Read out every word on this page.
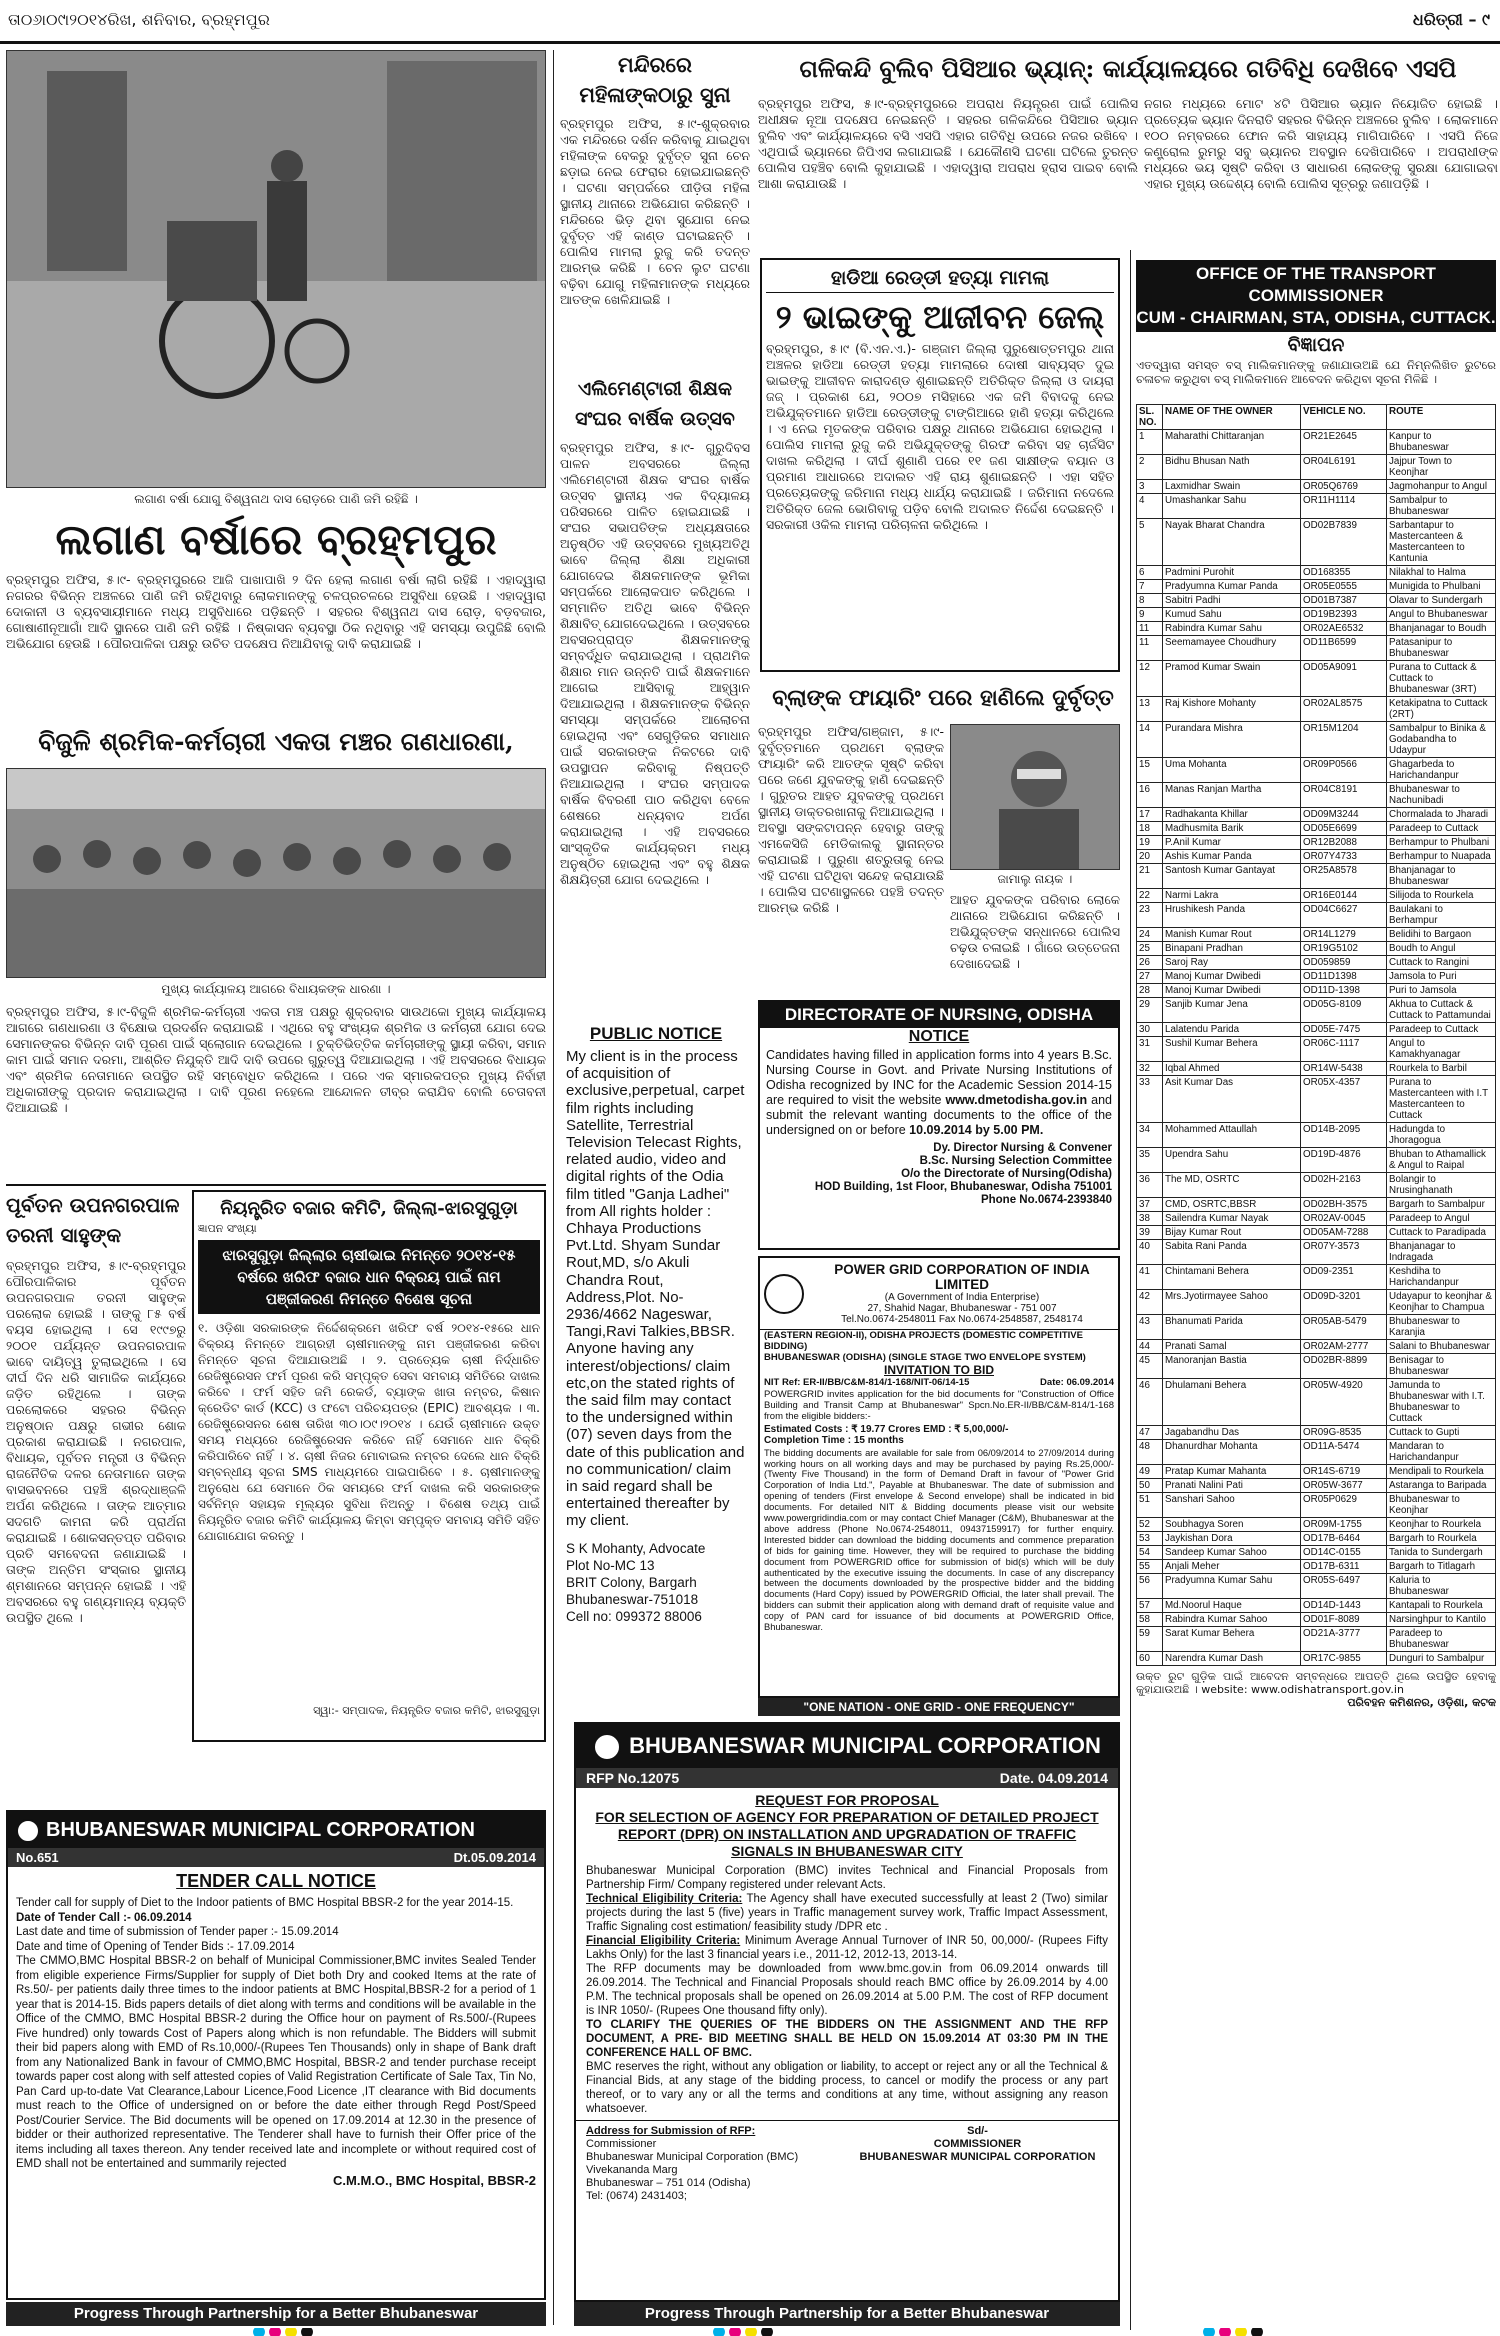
ତା୦୬ା୦୯ା୨୦୧୪ରିଖ, ଶନିବାର, ବ୍ରହ୍ମପୁର	ଧରିତ୍ରୀ – ୯
ଲଗାଣ ବର୍ଷା ଯୋଗୁ ବିଶ୍ୱନାଥ ଦାସ ରୋଡ଼ରେ ପାଣି ଜମି ରହିଛି ।
ଲଗାଣ ବର୍ଷାରେ ବ୍ରହ୍ମପୁର
ବ୍ରହ୍ମପୁର ଅଫିସ, ୫।୯- ବ୍ରହ୍ମପୁରରେ ଆଜି ପାଖାପାଖି ୨ ଦିନ ହେଲା ଲଗାଣ ବର୍ଷା ଲାଗି ରହିଛି । ଏହାଦ୍ୱାରା ନଗରର ବିଭିନ୍ନ ଅଞ୍ଚଳରେ ପାଣି ଜମି ରହିଥିବାରୁ ଲୋକମାନଙ୍କୁ ଚଳପ୍ରଚଳରେ ଅସୁବିଧା ହେଉଛି । ଏହାଦ୍ୱାରା ଦୋକାନୀ ଓ ବ୍ୟବସାୟୀମାନେ ମଧ୍ୟ ଅସୁବିଧାରେ ପଡ଼ିଛନ୍ତି । ସହରର ବିଶ୍ୱନାଥ ଦାସ ରୋଡ଼, ବଡ଼ବଜାର, ଗୋଷାଣୀନୂଆଗାଁ ଆଦି ସ୍ଥାନରେ ପାଣି ଜମି ରହିଛି । ନିଷ୍କାସନ ବ୍ୟବସ୍ଥା ଠିକ ନଥିବାରୁ ଏହି ସମସ୍ୟା ଉପୁଜିଛି ବୋଲି ଅଭିଯୋଗ ହେଉଛି । ପୌରପାଳିକା ପକ୍ଷରୁ ଉଚିତ ପଦକ୍ଷେପ ନିଆଯିବାକୁ ଦାବି କରାଯାଇଛି ।
ବିଜୁଳି ଶ୍ରମିକ-କର୍ମଚାରୀ ଏକତା ମଞ୍ଚର ଗଣଧାରଣା,
ମୁଖ୍ୟ କାର୍ଯ୍ୟାଳୟ ଆଗରେ ବିଧାୟକଙ୍କ ଧାରଣା ।
ବ୍ରହ୍ମପୁର ଅଫିସ, ୫।୯-ବିଜୁଳି ଶ୍ରମିକ-କର୍ମଚାରୀ ଏକତା ମଞ୍ଚ ପକ୍ଷରୁ ଶୁକ୍ରବାର ସାଉଥକୋ ମୁଖ୍ୟ କାର୍ଯ୍ୟାଳୟ ଆଗରେ ଗଣଧାରଣା ଓ ବିକ୍ଷୋଭ ପ୍ରଦର୍ଶନ କରାଯାଇଛି । ଏଥିରେ ବହୁ ସଂଖ୍ୟକ ଶ୍ରମିକ ଓ କର୍ମଚାରୀ ଯୋଗ ଦେଇ ସେମାନଙ୍କର ବିଭିନ୍ନ ଦାବି ପୂରଣ ପାଇଁ ସ୍ଲୋଗାନ ଦେଇଥିଲେ । ଚୁକ୍ତିଭିତ୍ତିକ କର୍ମଚାରୀଙ୍କୁ ସ୍ଥାୟୀ କରିବା, ସମାନ କାମ ପାଇଁ ସମାନ ଦରମା, ଆଶ୍ରିତ ନିଯୁକ୍ତି ଆଦି ଦାବି ଉପରେ ଗୁରୁତ୍ୱ ଦିଆଯାଇଥିଲା । ଏହି ଅବସରରେ ବିଧାୟକ ଏବଂ ଶ୍ରମିକ ନେତାମାନେ ଉପସ୍ଥିତ ରହି ସମ୍ବୋଧିତ କରିଥିଲେ । ପରେ ଏକ ସ୍ମାରକପତ୍ର ମୁଖ୍ୟ ନିର୍ବାହୀ ଅଧିକାରୀଙ୍କୁ ପ୍ରଦାନ କରାଯାଇଥିଲା । ଦାବି ପୂରଣ ନହେଲେ ଆନ୍ଦୋଳନ ତୀବ୍ର କରାଯିବ ବୋଲି ଚେତାବନୀ ଦିଆଯାଇଛି ।
ପୂର୍ବତନ ଉପନଗରପାଳ ତରନୀ ସାହୁଙ୍କ
ବ୍ରହ୍ମପୁର ଅଫିସ, ୫।୯-ବ୍ରହ୍ମପୁର ପୌରପାଳିକାର ପୂର୍ବତନ ଉପନଗରପାଳ ତରନୀ ସାହୁଙ୍କ ପରଲୋକ ହୋଇଛି । ତାଙ୍କୁ ୮୫ ବର୍ଷ ବୟସ ହୋଇଥିଲା । ସେ ୧୯୯୭ରୁ ୨୦୦୧ ପର୍ଯ୍ୟନ୍ତ ଉପନଗରପାଳ ଭାବେ ଦାୟିତ୍ୱ ତୁଲାଇଥିଲେ । ସେ ଦୀର୍ଘ ଦିନ ଧରି ସାମାଜିକ କାର୍ଯ୍ୟରେ ଜଡ଼ିତ ରହିଥିଲେ । ତାଙ୍କ ପରଲୋକରେ ସହରର ବିଭିନ୍ନ ଅନୁଷ୍ଠାନ ପକ୍ଷରୁ ଗଭୀର ଶୋକ ପ୍ରକାଶ କରାଯାଇଛି । ନଗରପାଳ, ବିଧାୟକ, ପୂର୍ବତନ ମନ୍ତ୍ରୀ ଓ ବିଭିନ୍ନ ରାଜନୈତିକ ଦଳର ନେତାମାନେ ତାଙ୍କ ବାସଭବନରେ ପହଞ୍ଚି ଶ୍ରଦ୍ଧାଞ୍ଜଳି ଅର୍ପଣ କରିଥିଲେ । ତାଙ୍କ ଆତ୍ମାର ସଦଗତି କାମନା କରି ପ୍ରାର୍ଥନା କରାଯାଇଛି । ଶୋକସନ୍ତପ୍ତ ପରିବାର ପ୍ରତି ସମବେଦନା ଜଣାଯାଇଛି । ତାଙ୍କ ଅନ୍ତିମ ସଂସ୍କାର ସ୍ଥାନୀୟ ଶ୍ମଶାନରେ ସମ୍ପନ୍ନ ହୋଇଛି । ଏହି ଅବସରରେ ବହୁ ଗଣ୍ୟମାନ୍ୟ ବ୍ୟକ୍ତି ଉପସ୍ଥିତ ଥିଲେ ।
ନିୟନ୍ତ୍ରିତ ବଜାର କମିଟି, ଜିଲ୍ଲା-ଝାରସୁଗୁଡ଼ା
ଜ୍ଞାପନ ସଂଖ୍ୟା
ଝାରସୁଗୁଡ଼ା ଜିଲ୍ଲାର ଚାଷୀଭାଇ ନିମନ୍ତେ ୨୦୧୪-୧୫ ବର୍ଷରେ ଖରିଫ ବଜାର ଧାନ ବିକ୍ରୟ ପାଇଁ ନାମ ପଞ୍ଜୀକରଣ ନିମନ୍ତେ ବିଶେଷ ସୂଚନା
୧. ଓଡ଼ିଶା ସରକାରଙ୍କ ନିର୍ଦ୍ଦେଶକ୍ରମେ ଖରିଫ ବର୍ଷ ୨୦୧୪-୧୫ରେ ଧାନ ବିକ୍ରୟ ନିମନ୍ତେ ଆଗ୍ରହୀ ଚାଷୀମାନଙ୍କୁ ନାମ ପଞ୍ଜୀକରଣ କରିବା ନିମନ୍ତେ ସୂଚନା ଦିଆଯାଉଅଛି । ୨. ପ୍ରତ୍ୟେକ ଚାଷୀ ନିର୍ଦ୍ଧାରିତ ରେଜିଷ୍ଟ୍ରେସନ ଫର୍ମ ପୂରଣ କରି ସମ୍ପୃକ୍ତ ସେବା ସମବାୟ ସମିତିରେ ଦାଖଲ କରିବେ । ଫର୍ମ ସହିତ ଜମି ରେକର୍ଡ, ବ୍ୟାଙ୍କ ଖାତା ନମ୍ବର, କିଷାନ କ୍ରେଡିଟ କାର୍ଡ (KCC) ଓ ଫଟୋ ପରିଚୟପତ୍ର (EPIC) ଆବଶ୍ୟକ । ୩. ରେଜିଷ୍ଟ୍ରେସନର ଶେଷ ତାରିଖ ୩୦।୦୯।୨୦୧୪ । ଯେଉଁ ଚାଷୀମାନେ ଉକ୍ତ ସମୟ ମଧ୍ୟରେ ରେଜିଷ୍ଟ୍ରେସନ କରିବେ ନାହିଁ ସେମାନେ ଧାନ ବିକ୍ରି କରିପାରିବେ ନାହିଁ । ୪. ଚାଷୀ ନିଜର ମୋବାଇଲ ନମ୍ବର ଦେଲେ ଧାନ ବିକ୍ରି ସମ୍ବନ୍ଧୀୟ ସୂଚନା SMS ମାଧ୍ୟମରେ ପାଇପାରିବେ । ୫. ଚାଷୀମାନଙ୍କୁ ଅନୁରୋଧ ଯେ ସେମାନେ ଠିକ ସମୟରେ ଫର୍ମ ଦାଖଲ କରି ସରକାରଙ୍କ ସର୍ବନିମ୍ନ ସହାୟକ ମୂଲ୍ୟର ସୁବିଧା ନିଅନ୍ତୁ । ବିଶେଷ ତଥ୍ୟ ପାଇଁ ନିୟନ୍ତ୍ରିତ ବଜାର କମିଟି କାର୍ଯ୍ୟାଳୟ କିମ୍ବା ସମ୍ପୃକ୍ତ ସମବାୟ ସମିତି ସହିତ ଯୋଗାଯୋଗ କରନ୍ତୁ ।
ସ୍ୱା:- ସମ୍ପାଦକ, ନିୟନ୍ତ୍ରିତ ବଜାର କମିଟି, ଝାରସୁଗୁଡ଼ା
BHUBANESWAR MUNICIPAL CORPORATION
No.651	Dt.05.09.2014
TENDER CALL NOTICE
Tender call for supply of Diet to the Indoor patients of BMC Hospital BBSR-2 for the year 2014-15.
Date of Tender Call :- 06.09.2014
Last date and time of submission of Tender paper :- 15.09.2014
Date and time of Opening of Tender Bids :- 17.09.2014
The CMMO,BMC Hospital BBSR-2 on behalf of Municipal Commissioner,BMC invites Sealed Tender from eligible experience Firms/Supplier for supply of Diet both Dry and cooked Items at the rate of Rs.50/- per patients daily three times to the indoor patients at BMC Hospital,BBSR-2 for a period of 1 year that is 2014-15. Bids papers details of diet along with terms and conditions will be available in the Office of the CMMO, BMC Hospital BBSR-2 during the Office hour on payment of Rs.500/-(Rupees Five hundred) only towards Cost of Papers along which is non refundable. The Bidders will submit their bid papers along with EMD of Rs.10,000/-(Rupees Ten Thousands) only in shape of Bank draft from any Nationalized Bank in favour of CMMO,BMC Hospital, BBSR-2 and tender purchase receipt towards paper cost along with self attested copies of Valid Registration Certificate of Sale Tax, Tin No, Pan Card up-to-date Vat Clearance,Labour Licence,Food Licence ,IT clearance with Bid documents must reach to the Office of undersigned on or before the date either through Regd Post/Speed Post/Courier Service. The Bid documents will be opened on 17.09.2014 at 12.30 in the presence of bidder or their authorized representative. The Tenderer shall have to furnish their Offer price of the items including all taxes thereon. Any tender received late and incomplete or without required cost of EMD shall not be entertained and summarily rejected
C.M.M.O., BMC Hospital, BBSR-2
Progress Through Partnership for a Better Bhubaneswar
ମନ୍ଦିରରେ ମହିଳାଙ୍କଠାରୁ ସୁନା
ବ୍ରହ୍ମପୁର ଅଫିସ, ୫।୯-ଶୁକ୍ରବାର ଏକ ମନ୍ଦିରରେ ଦର୍ଶନ କରିବାକୁ ଯାଇଥିବା ମହିଳାଙ୍କ ବେକରୁ ଦୁର୍ବୃତ୍ତ ସୁନା ଚେନ ଛଡ଼ାଇ ନେଇ ଫେରାର ହୋଇଯାଇଛନ୍ତି । ଘଟଣା ସମ୍ପର୍କରେ ପୀଡ଼ିତା ମହିଳା ସ୍ଥାନୀୟ ଥାନାରେ ଅଭିଯୋଗ କରିଛନ୍ତି । ମନ୍ଦିରରେ ଭିଡ଼ ଥିବା ସୁଯୋଗ ନେଇ ଦୁର୍ବୃତ୍ତ ଏହି କାଣ୍ଡ ଘଟାଇଛନ୍ତି । ପୋଲିସ ମାମଲା ରୁଜୁ କରି ତଦନ୍ତ ଆରମ୍ଭ କରିଛି । ଚେନ ଲୁଟ ଘଟଣା ବଢ଼ିବା ଯୋଗୁ ମହିଳାମାନଙ୍କ ମଧ୍ୟରେ ଆତଙ୍କ ଖେଳିଯାଇଛି ।
ଏଲିମେଣ୍ଟାରୀ ଶିକ୍ଷକ ସଂଘର ବାର୍ଷିକ ଉତ୍ସବ
ବ୍ରହ୍ମପୁର ଅଫିସ, ୫।୯- ଗୁରୁଦିବସ ପାଳନ ଅବସରରେ ଜିଲ୍ଲା ଏଲିମେଣ୍ଟାରୀ ଶିକ୍ଷକ ସଂଘର ବାର୍ଷିକ ଉତ୍ସବ ସ୍ଥାନୀୟ ଏକ ବିଦ୍ୟାଳୟ ପରିସରରେ ପାଳିତ ହୋଇଯାଇଛି । ସଂଘର ସଭାପତିଙ୍କ ଅଧ୍ୟକ୍ଷତାରେ ଅନୁଷ୍ଠିତ ଏହି ଉତ୍ସବରେ ମୁଖ୍ୟଅତିଥି ଭାବେ ଜିଲ୍ଲା ଶିକ୍ଷା ଅଧିକାରୀ ଯୋଗଦେଇ ଶିକ୍ଷକମାନଙ୍କ ଭୂମିକା ସମ୍ପର୍କରେ ଆଲୋକପାତ କରିଥିଲେ । ସମ୍ମାନିତ ଅତିଥି ଭାବେ ବିଭିନ୍ନ ଶିକ୍ଷାବିତ୍ ଯୋଗଦେଇଥିଲେ । ଉତ୍ସବରେ ଅବସରପ୍ରାପ୍ତ ଶିକ୍ଷକମାନଙ୍କୁ ସମ୍ବର୍ଦ୍ଧିତ କରାଯାଇଥିଲା । ପ୍ରାଥମିକ ଶିକ୍ଷାର ମାନ ଉନ୍ନତି ପାଇଁ ଶିକ୍ଷକମାନେ ଆଗେଇ ଆସିବାକୁ ଆହ୍ୱାନ ଦିଆଯାଇଥିଲା । ଶିକ୍ଷକମାନଙ୍କ ବିଭିନ୍ନ ସମସ୍ୟା ସମ୍ପର୍କରେ ଆଲୋଚନା ହୋଇଥିଲା ଏବଂ ସେଗୁଡ଼ିକର ସମାଧାନ ପାଇଁ ସରକାରଙ୍କ ନିକଟରେ ଦାବି ଉପସ୍ଥାପନ କରିବାକୁ ନିଷ୍ପତ୍ତି ନିଆଯାଇଥିଲା । ସଂଘର ସମ୍ପାଦକ ବାର୍ଷିକ ବିବରଣୀ ପାଠ କରିଥିବା ବେଳେ ଶେଷରେ ଧନ୍ୟବାଦ ଅର୍ପଣ କରାଯାଇଥିଲା । ଏହି ଅବସରରେ ସାଂସ୍କୃତିକ କାର୍ଯ୍ୟକ୍ରମ ମଧ୍ୟ ଅନୁଷ୍ଠିତ ହୋଇଥିଲା ଏବଂ ବହୁ ଶିକ୍ଷକ ଶିକ୍ଷୟିତ୍ରୀ ଯୋଗ ଦେଇଥିଲେ ।
PUBLIC NOTICE
My client is in the process of acquisition of exclusive,perpetual, carpet film rights including Satellite, Terrestrial Television Telecast Rights, related audio, video and digital rights of the Odia film titled "Ganja Ladhei" from All rights holder : Chhaya Productions Pvt.Ltd. Shyam Sundar Rout,MD, s/o Akuli Chandra Rout, Address,Plot. No-2936/4662 Nageswar, Tangi,Ravi Talkies,BBSR. Anyone having any interest/objections/ claim etc,on the stated rights of the said film may contact to the undersigned within (07) seven days from the date of this publication and no communication/ claim in said regard shall be entertained thereafter by my client.
S K Mohanty, Advocate
Plot No-MC 13
BRIT Colony, Bargarh
Bhubaneswar-751018
Cell no: 099372 88006
ଗଳିକନ୍ଦି ବୁଲିବ ପିସିଆର ଭ୍ୟାନ୍: କାର୍ଯ୍ୟାଳୟରେ ଗତିବିଧି ଦେଖିବେ ଏସପି
ବ୍ରହ୍ମପୁର ଅଫିସ, ୫।୯-ବ୍ରହ୍ମପୁରରେ ଅପରାଧ ନିୟନ୍ତ୍ରଣ ପାଇଁ ପୋଲିସ ଅଧୀକ୍ଷକ ନୂଆ ପଦକ୍ଷେପ ନେଇଛନ୍ତି । ସହରର ଗଳିକନ୍ଦିରେ ପିସିଆର ଭ୍ୟାନ ବୁଲିବ ଏବଂ କାର୍ଯ୍ୟାଳୟରେ ବସି ଏସପି ଏହାର ଗତିବିଧି ଉପରେ ନଜର ରଖିବେ । ଏଥିପାଇଁ ଭ୍ୟାନରେ ଜିପିଏସ ଲଗାଯାଇଛି । ଯେକୌଣସି ଘଟଣା ଘଟିଲେ ତୁରନ୍ତ ପୋଲିସ ପହଞ୍ଚିବ ବୋଲି କୁହାଯାଇଛି । ଏହାଦ୍ୱାରା ଅପରାଧ ହ୍ରାସ ପାଇବ ବୋଲି ଆଶା କରାଯାଉଛି ।
ନଗର ମଧ୍ୟରେ ମୋଟ ୪ଟି ପିସିଆର ଭ୍ୟାନ ନିୟୋଜିତ ହୋଇଛି । ପ୍ରତ୍ୟେକ ଭ୍ୟାନ ଦିନରାତି ସହରର ବିଭିନ୍ନ ଅଞ୍ଚଳରେ ବୁଲିବ । ଲୋକମାନେ ୧୦୦ ନମ୍ବରରେ ଫୋନ କରି ସାହାଯ୍ୟ ମାଗିପାରିବେ । ଏସପି ନିଜେ କଣ୍ଟ୍ରୋଲ ରୁମରୁ ସବୁ ଭ୍ୟାନର ଅବସ୍ଥାନ ଦେଖିପାରିବେ । ଅପରାଧୀଙ୍କ ମଧ୍ୟରେ ଭୟ ସୃଷ୍ଟି କରିବା ଓ ସାଧାରଣ ଲୋକଙ୍କୁ ସୁରକ୍ଷା ଯୋଗାଇବା ଏହାର ମୁଖ୍ୟ ଉଦ୍ଦେଶ୍ୟ ବୋଲି ପୋଲିସ ସୂତ୍ରରୁ ଜଣାପଡ଼ିଛି ।
ହାଡିଆ ରେଡ୍ଡୀ ହତ୍ୟା ମାମଲା
୨ ଭାଇଙ୍କୁ ଆଜୀବନ ଜେଲ୍
ବ୍ରହ୍ମପୁର, ୫।୯ (ବି.ଏନ.ଏ.)- ଗଞ୍ଜାମ ଜିଲ୍ଲା ପୁରୁଷୋତ୍ତମପୁର ଥାନା ଅଞ୍ଚଳର ହାଡିଆ ରେଡ୍ଡୀ ହତ୍ୟା ମାମଲାରେ ଦୋଷୀ ସାବ୍ୟସ୍ତ ଦୁଇ ଭାଇଙ୍କୁ ଆଜୀବନ କାରାଦଣ୍ଡ ଶୁଣାଇଛନ୍ତି ଅତିରିକ୍ତ ଜିଲ୍ଲା ଓ ଦାୟରା ଜଜ୍ । ପ୍ରକାଶ ଯେ, ୨୦୦୭ ମସିହାରେ ଏକ ଜମି ବିବାଦକୁ ନେଇ ଅଭିଯୁକ୍ତମାନେ ହାଡିଆ ରେଡ୍ଡୀଙ୍କୁ ଟାଙ୍ଗିଆରେ ହାଣି ହତ୍ୟା କରିଥିଲେ । ଏ ନେଇ ମୃତକଙ୍କ ପରିବାର ପକ୍ଷରୁ ଥାନାରେ ଅଭିଯୋଗ ହୋଇଥିଲା । ପୋଲିସ ମାମଲା ରୁଜୁ କରି ଅଭିଯୁକ୍ତଙ୍କୁ ଗିରଫ କରିବା ସହ ଚାର୍ଜସିଟ ଦାଖଲ କରିଥିଲା । ଦୀର୍ଘ ଶୁଣାଣି ପରେ ୧୧ ଜଣ ସାକ୍ଷୀଙ୍କ ବୟାନ ଓ ପ୍ରମାଣ ଆଧାରରେ ଅଦାଲତ ଏହି ରାୟ ଶୁଣାଇଛନ୍ତି । ଏହା ସହିତ ପ୍ରତ୍ୟେକଙ୍କୁ ଜରିମାନା ମଧ୍ୟ ଧାର୍ଯ୍ୟ କରାଯାଇଛି । ଜରିମାନା ନଦେଲେ ଅତିରିକ୍ତ ଜେଲ ଭୋଗିବାକୁ ପଡ଼ିବ ବୋଲି ଅଦାଲତ ନିର୍ଦ୍ଦେଶ ଦେଇଛନ୍ତି । ସରକାରୀ ଓକିଲ ମାମଲା ପରିଚାଳନା କରିଥିଲେ ।
ବ୍ଲାଙ୍କ ଫାୟାରିଂ ପରେ ହାଣିଲେ ଦୁର୍ବୃତ୍ତ
ବ୍ରହ୍ମପୁର ଅଫିସ/ଗଞ୍ଜାମ, ୫।୯-ଦୁର୍ବୃତ୍ତମାନେ ପ୍ରଥମେ ବ୍ଲାଙ୍କ ଫାୟାରିଂ କରି ଆତଙ୍କ ସୃଷ୍ଟି କରିବା ପରେ ଜଣେ ଯୁବକଙ୍କୁ ହାଣି ଦେଇଛନ୍ତି । ଗୁରୁତର ଆହତ ଯୁବକଙ୍କୁ ପ୍ରଥମେ ସ୍ଥାନୀୟ ଡାକ୍ତରଖାନାକୁ ନିଆଯାଇଥିଲା । ଅବସ୍ଥା ସଙ୍କଟାପନ୍ନ ହେବାରୁ ତାଙ୍କୁ ଏମକେସିଜି ମେଡିକାଲକୁ ସ୍ଥାନାନ୍ତର କରାଯାଇଛି । ପୁରୁଣା ଶତ୍ରୁତାକୁ ନେଇ ଏହି ଘଟଣା ଘଟିଥିବା ସନ୍ଦେହ କରାଯାଉଛି । ପୋଲିସ ଘଟଣାସ୍ଥଳରେ ପହଞ୍ଚି ତଦନ୍ତ ଆରମ୍ଭ କରିଛି ।
ଜାମାଲୁ ନାୟକ ।
ଆହତ ଯୁବକଙ୍କ ପରିବାର ଲୋକେ ଥାନାରେ ଅଭିଯୋଗ କରିଛନ୍ତି । ଅଭିଯୁକ୍ତଙ୍କ ସନ୍ଧାନରେ ପୋଲିସ ଚଢ଼ଉ ଚଳାଇଛି । ଗାଁରେ ଉତ୍ତେଜନା ଦେଖାଦେଇଛି ।
DIRECTORATE OF NURSING, ODISHA
NOTICE
Candidates having filled in application forms into 4 years B.Sc. Nursing Course in Govt. and Private Nursing Institutions of Odisha recognized by INC for the Academic Session 2014-15 are required to visit the website www.dmetodisha.gov.in and submit the relevant wanting documents to the office of the undersigned on or before 10.09.2014 by 5.00 PM.
Dy. Director Nursing & Convener
B.Sc. Nursing Selection Committee
O/o the Directorate of Nursing(Odisha)
HOD Building, 1st Floor, Bhubaneswar, Odisha 751001
Phone No.0674-2393840
POWER GRID CORPORATION OF INDIA LIMITED
(A Government of India Enterprise)
27, Shahid Nagar, Bhubaneswar - 751 007
Tel.No.0674-2548011 Fax No.0674-2548587, 2548174
(EASTERN REGION-II), ODISHA PROJECTS (DOMESTIC COMPETITIVE BIDDING)
BHUBANESWAR (ODISHA) (SINGLE STAGE TWO ENVELOPE SYSTEM)
INVITATION TO BID
NIT Ref: ER-II/BB/C&M-814/1-168/NIT-06/14-15	Date: 06.09.2014
POWERGRID invites application for the bid documents for "Construction of Office Building and Transit Camp at Bhubaneswar" Spcn.No.ER-II/BB/C&M-814/1-168 from the eligible bidders:-
Estimated Costs : ₹ 19.77 Crores EMD : ₹ 5,00,000/-
Completion Time : 15 months
The bidding documents are available for sale from 06/09/2014 to 27/09/2014 during working hours on all working days and may be purchased by paying Rs.25,000/- (Twenty Five Thousand) in the form of Demand Draft in favour of "Power Grid Corporation of India Ltd.", Payable at Bhubaneswar. The date of submission and opening of tenders (First envelope & Second envelope) shall be indicated in bid documents. For detailed NIT & Bidding documents please visit our website www.powergridindia.com or may contact Chief Manager (C&M), Bhubaneswar at the above address (Phone No.0674-2548011, 09437159917) for further enquiry. Interested bidder can download the bidding documents and commence preparation of bids for gaining time. However, they will be required to purchase the bidding document from POWERGRID office for submission of bid(s) which will be duly authenticated by the executive issuing the documents. In case of any discrepancy between the documents downloaded by the prospective bidder and the bidding documents (Hard Copy) issued by POWERGRID Official, the later shall prevail. The bidders can submit their application along with demand draft of requisite value and copy of PAN card for issuance of bid documents at POWERGRID Office, Bhubaneswar.
"ONE NATION - ONE GRID - ONE FREQUENCY"
BHUBANESWAR MUNICIPAL CORPORATION
RFP No.12075	Date. 04.09.2014
REQUEST FOR PROPOSAL
FOR SELECTION OF AGENCY FOR PREPARATION OF DETAILED PROJECT REPORT (DPR) ON INSTALLATION AND UPGRADATION OF TRAFFIC SIGNALS IN BHUBANESWAR CITY
Bhubaneswar Municipal Corporation (BMC) invites Technical and Financial Proposals from Partnership Firm/ Company registered under relevant Acts.
Technical Eligibility Criteria: The Agency shall have executed successfully at least 2 (Two) similar projects during the last 5 (five) years in Traffic management survey work, Traffic Impact Assessment, Traffic Signaling cost estimation/ feasibility study /DPR etc .
Financial Eligibility Criteria: Minimum Average Annual Turnover of INR 50, 00,000/- (Rupees Fifty Lakhs Only) for the last 3 financial years i.e., 2011-12, 2012-13, 2013-14.
The RFP documents may be downloaded from www.bmc.gov.in from 06.09.2014 onwards till 26.09.2014. The Technical and Financial Proposals should reach BMC office by 26.09.2014 by 4.00 P.M. The technical proposals shall be opened on 26.09.2014 at 5.00 P.M. The cost of RFP document is INR 1050/- (Rupees One thousand fifty only).
TO CLARIFY THE QUERIES OF THE BIDDERS ON THE ASSIGNMENT AND THE RFP DOCUMENT, A PRE- BID MEETING SHALL BE HELD ON 15.09.2014 AT 03:30 PM IN THE CONFERENCE HALL OF BMC.
BMC reserves the right, without any obligation or liability, to accept or reject any or all the Technical & Financial Bids, at any stage of the bidding process, to cancel or modify the process or any part thereof, or to vary any or all the terms and conditions at any time, without assigning any reason whatsoever.
Address for Submission of RFP:
Commissioner
Bhubaneswar Municipal Corporation (BMC)
Vivekananda Marg
Bhubaneswar – 751 014 (Odisha)
Tel: (0674) 2431403;
Sd/-
COMMISSIONER
BHUBANESWAR MUNICIPAL CORPORATION
Progress Through Partnership for a Better Bhubaneswar
OFFICE OF THE TRANSPORT COMMISSIONER
CUM - CHAIRMAN, STA, ODISHA, CUTTACK.
ବିଜ୍ଞାପନ
ଏତଦ୍ୱାରା ସମସ୍ତ ବସ୍ ମାଲିକମାନଙ୍କୁ ଜଣାଯାଉଅଛି ଯେ ନିମ୍ନଲିଖିତ ରୁଟରେ ଚଳାଚଳ କରୁଥିବା ବସ୍ ମାଲିକମାନେ ଆବେଦନ କରିଥିବା ସୂଚନା ମିଳିଛି ।
SL. NO.	NAME OF THE OWNER	VEHICLE NO.	ROUTE
1	Maharathi Chittaranjan	OR21E2645	Kanpur to Bhubaneswar
2	Bidhu Bhusan Nath	OR04L6191	Jajpur Town to Keonjhar
3	Laxmidhar Swain	OR05Q6769	Jagmohanpur to Angul
4	Umashankar Sahu	OR11H1114	Sambalpur to Bhubaneswar
5	Nayak Bharat Chandra	OD02B7839	Sarbantapur to Mastercanteen & Mastercanteen to Kantunia
6	Padmini Purohit	OD168355	Nilakhal to Halma
7	Pradyumna Kumar Panda	OR05E0555	Munigida to Phulbani
8	Sabitri Padhi	OD01B7387	Olavar to Sundergarh
9	Kumud Sahu	OD19B2393	Angul to Bhubaneswar
11	Rabindra Kumar Sahu	OR02AE6532	Bhanjanagar to Boudh
11	Seemamayee Choudhury	OD11B6599	Patasanipur to Bhubaneswar
12	Pramod Kumar Swain	OD05A9091	Purana to Cuttack & Cuttack to Bhubaneswar (3RT)
13	Raj Kishore Mohanty	OR02AL8575	Ketakipatna to Cuttack (2RT)
14	Purandara Mishra	OR15M1204	Sambalpur to Binika & Godabandha to Udaypur
15	Uma Mohanta	OR09P0566	Ghagarbeda to Harichandanpur
16	Manas Ranjan Martha	OR04C8191	Bhubaneswar to Nachunibadi
17	Radhakanta Khillar	OD09M3244	Chormalada to Jharadi
18	Madhusmita Barik	OD05E6699	Paradeep to Cuttack
19	P.Anil Kumar	OR12B2088	Berhampur to Phulbani
20	Ashis Kumar Panda	OR07Y4733	Berhampur to Nuapada
21	Santosh Kumar Gantayat	OR25A8578	Bhanjanagar to Bhubaneswar
22	Narmi Lakra	OR16E0144	Silijoda to Rourkela
23	Hrushikesh Panda	OD04C6627	Baulakani to Berhampur
24	Manish Kumar Rout	OR14L1279	Belidihi to Bargaon
25	Binapani Pradhan	OR19G5102	Boudh to Angul
26	Saroj Ray	OD059859	Cuttack to Rangini
27	Manoj Kumar Dwibedi	OD11D1398	Jamsola to Puri
28	Manoj Kumar Dwibedi	OD11D-1398	Puri to Jamsola
29	Sanjib Kumar Jena	OD05G-8109	Akhua to Cuttack & Cuttack to Pattamundai
30	Lalatendu Parida	OD05E-7475	Paradeep to Cuttack
31	Sushil Kumar Behera	OR06C-1117	Angul to Kamakhyanagar
32	Iqbal Ahmed	OR14W-5438	Rourkela to Barbil
33	Asit Kumar Das	OR05X-4357	Purana to Mastercanteen with I.T Mastercanteen to Cuttack
34	Mohammed Attaullah	OD14B-2095	Hadungda to Jhoragogua
35	Upendra Sahu	OD19D-4876	Bhuban to Athamallick & Angul to Raipal
36	The MD, OSRTC	OD02H-2163	Bolangir to Nrusinghanath
37	CMD, OSRTC,BBSR	OD02BH-3575	Bargarh to Sambalpur
38	Sailendra Kumar Nayak	OR02AV-0045	Paradeep to Angul
39	Bijay Kumar Rout	OD05AM-7288	Cuttack to Paradipada
40	Sabita Rani Panda	OR07Y-3573	Bhanjanagar to Indragada
41	Chintamani Behera	OD09-2351	Keshdiha to Harichandanpur
42	Mrs.Jyotirmayee Sahoo	OD09D-3201	Udayapur to keonjhar & Keonjhar to Champua
43	Bhanumati Parida	OR05AB-5479	Bhubaneswar to Karanjia
44	Pranati Samal	OR02AM-2777	Salani to Bhubaneswar
45	Manoranjan Bastia	OD02BR-8899	Benisagar to Bhubaneswar
46	Dhulamani Behera	OR05W-4920	Jamunda to Bhubaneswar with I.T. Bhubaneswar to Cuttack
47	Jagabandhu Das	OR09G-8535	Cuttack to Gupti
48	Dhanurdhar Mohanta	OD11A-5474	Mandaran to Harichandanpur
49	Pratap Kumar Mahanta	OR14S-6719	Mendipali to Rourkela
50	Pranati Nalini Pati	OR05W-3677	Astaranga to Baripada
51	Sanshari Sahoo	OR05P0629	Bhubaneswar to Keonjhar
52	Soubhagya Soren	OR09M-1755	Keonjhar to Rourkela
53	Jaykishan Dora	OD17B-6464	Bargarh to Rourkela
54	Sandeep Kumar Sahoo	OD14C-0155	Tanida to Sundergarh
55	Anjali Meher	OD17B-6311	Bargarh to Titlagarh
56	Pradyumna Kumar Sahu	OR05S-6497	Kaluria to Bhubaneswar
57	Md.Noorul Haque	OD14D-1443	Kantapali to Rourkela
58	Rabindra Kumar Sahoo	OD01F-8089	Narsinghpur to Kantilo
59	Sarat Kumar Behera	OD21A-3777	Paradeep to Bhubaneswar
60	Narendra Kumar Dash	OR17C-9855	Dunguri to Sambalpur
ଉକ୍ତ ରୁଟ ଗୁଡ଼ିକ ପାଇଁ ଆବେଦନ ସମ୍ବନ୍ଧରେ ଆପତ୍ତି ଥିଲେ ଉପସ୍ଥିତ ହେବାକୁ କୁହାଯାଉଅଛି । website: www.odishatransport.gov.in
ପରିବହନ କମିଶନର, ଓଡ଼ିଶା, କଟକ
